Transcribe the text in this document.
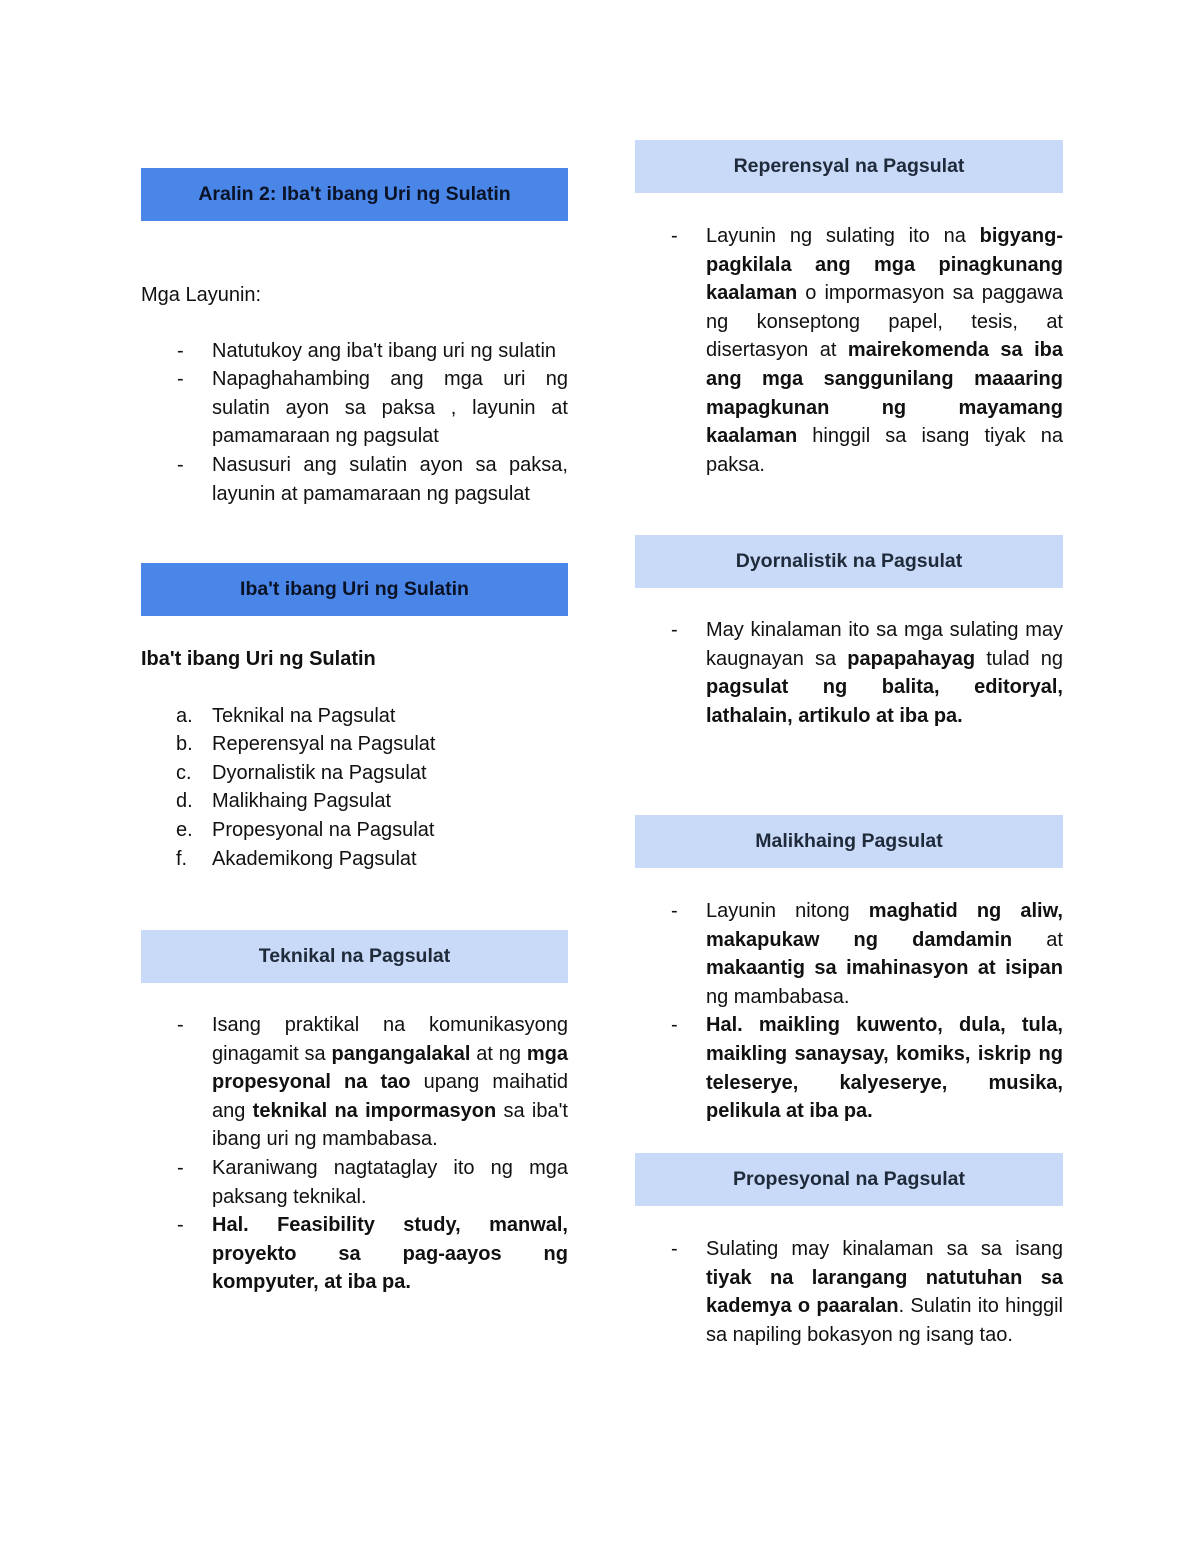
Aralin 2: Iba't ibang Uri ng Sulatin

Mga Layunin:

- Natutukoy ang iba't ibang uri ng sulatin
- Napaghahambing ang mga uri ng sulatin ayon sa paksa , layunin at pamamaraan ng pagsulat
- Nasusuri ang sulatin ayon sa paksa, layunin at pamamaraan ng pagsulat
Iba't ibang Uri ng Sulatin

Iba't ibang Uri ng Sulatin

a. Teknikal na Pagsulat
b. Reperensyal na Pagsulat
c. Dyornalistik na Pagsulat
d. Malikhaing Pagsulat
e. Propesyonal na Pagsulat
f. Akademikong Pagsulat
Teknikal na Pagsulat
- Isang praktikal na komunikasyong ginagamit sa pangangalakal at ng mga propesyonal na tao upang maihatid ang teknikal na impormasyon sa iba't ibang uri ng mambabasa.
- Karaniwang nagtataglay ito ng mga paksang teknikal.
- Hal. Feasibility study, manwal, proyekto sa pag-aayos ng kompyuter, at iba pa.
Reperensyal na Pagsulat
- Layunin ng sulating ito na bigyang-pagkilala ang mga pinagkunang kaalaman o impormasyon sa paggawa ng konseptong papel, tesis, at disertasyon at mairekomenda sa iba ang mga sanggunilang maaaring mapagkunan ng mayamang kaalaman hinggil sa isang tiyak na paksa.
Dyornalistik na Pagsulat
- May kinalaman ito sa mga sulating may kaugnayan sa papapahayag tulad ng pagsulat ng balita, editoryal, lathalain, artikulo at iba pa.
Malikhaing Pagsulat
- Layunin nitong maghatid ng aliw, makapukaw ng damdamin at makaantig sa imahinasyon at isipan ng mambabasa.
- Hal. maikling kuwento, dula, tula, maikling sanaysay, komiks, iskrip ng teleserye, kalyeserye, musika, pelikula at iba pa.
Propesyonal na Pagsulat
- Sulating may kinalaman sa sa isang tiyak na larangang natutuhan sa kademya o paaralan. Sulatin ito hinggil sa napiling bokasyon ng isang tao.
